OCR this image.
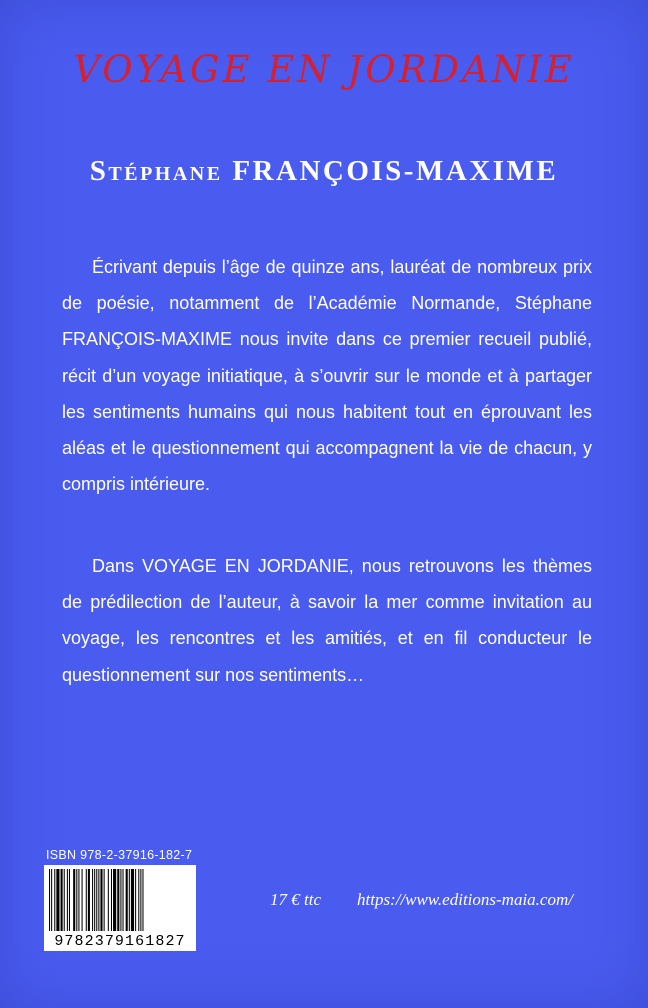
VOYAGE EN JORDANIE
Stéphane FRANÇOIS-MAXIME

Écrivant depuis l’âge de quinze ans, lauréat de nombreux prix de poésie, notamment de l’Académie Normande, Stéphane FRANÇOIS-MAXIME nous invite dans ce premier recueil publié, récit d’un voyage initiatique, à s’ouvrir sur le monde et à partager les sentiments humains qui nous habitent tout en éprouvant les aléas et le questionnement qui accompagnent la vie de chacun, y compris intérieure.

Dans VOYAGE EN JORDANIE, nous retrouvons les thèmes de prédilection de l’auteur, à savoir la mer comme invitation au voyage, les rencontres et les amitiés, et en fil conducteur le questionnement sur nos sentiments…

ISBN 978-2-37916-182-7
9782379161827
17 € ttc https://www.editions-maia.com/
